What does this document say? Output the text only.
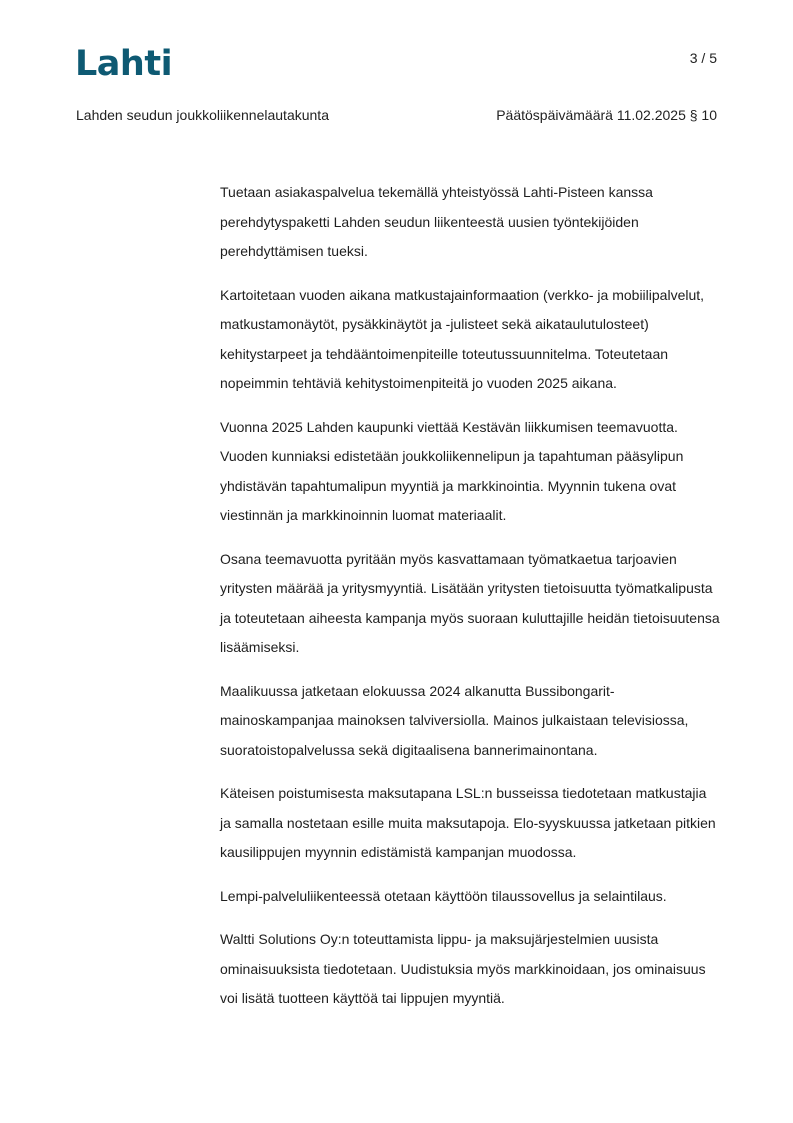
Lahti	3 / 5
Lahden seudun joukkoliikennelautakunta	Päätöspäivämäärä 11.02.2025 § 10

Tuetaan asiakaspalvelua tekemällä yhteistyössä Lahti-Pisteen kanssa perehdytyspaketti Lahden seudun liikenteestä uusien työntekijöiden perehdyttämisen tueksi.

Kartoitetaan vuoden aikana matkustajainformaation (verkko- ja mobiilipalvelut, matkustamonäytöt, pysäkkinäytöt ja -julisteet sekä aikataulutulosteet) kehitystarpeet ja tehdääntoimenpiteille toteutussuunnitelma. Toteutetaan nopeimmin tehtäviä kehitystoimenpiteitä jo vuoden 2025 aikana.

Vuonna 2025 Lahden kaupunki viettää Kestävän liikkumisen teemavuotta. Vuoden kunniaksi edistetään joukkoliikennelipun ja tapahtuman pääsylipun yhdistävän tapahtumalipun myyntiä ja markkinointia. Myynnin tukena ovat viestinnän ja markkinoinnin luomat materiaalit.

Osana teemavuotta pyritään myös kasvattamaan työmatkaetua tarjoavien yritysten määrää ja yritysmyyntiä. Lisätään yritysten tietoisuutta työmatkalipusta ja toteutetaan aiheesta kampanja myös suoraan kuluttajille heidän tietoisuutensa lisäämiseksi.

Maalikuussa jatketaan elokuussa 2024 alkanutta Bussibongarit-mainoskampanjaa mainoksen talviversiolla. Mainos julkaistaan televisiossa, suoratoistopalvelussa sekä digitaalisena bannerimainontana.

Käteisen poistumisesta maksutapana LSL:n busseissa tiedotetaan matkustajia ja samalla nostetaan esille muita maksutapoja. Elo-syyskuussa jatketaan pitkien kausilippujen myynnin edistämistä kampanjan muodossa.

Lempi-palveluliikenteessä otetaan käyttöön tilaussovellus ja selaintilaus.

Waltti Solutions Oy:n toteuttamista lippu- ja maksujärjestelmien uusista ominaisuuksista tiedotetaan. Uudistuksia myös markkinoidaan, jos ominaisuus voi lisätä tuotteen käyttöä tai lippujen myyntiä.
